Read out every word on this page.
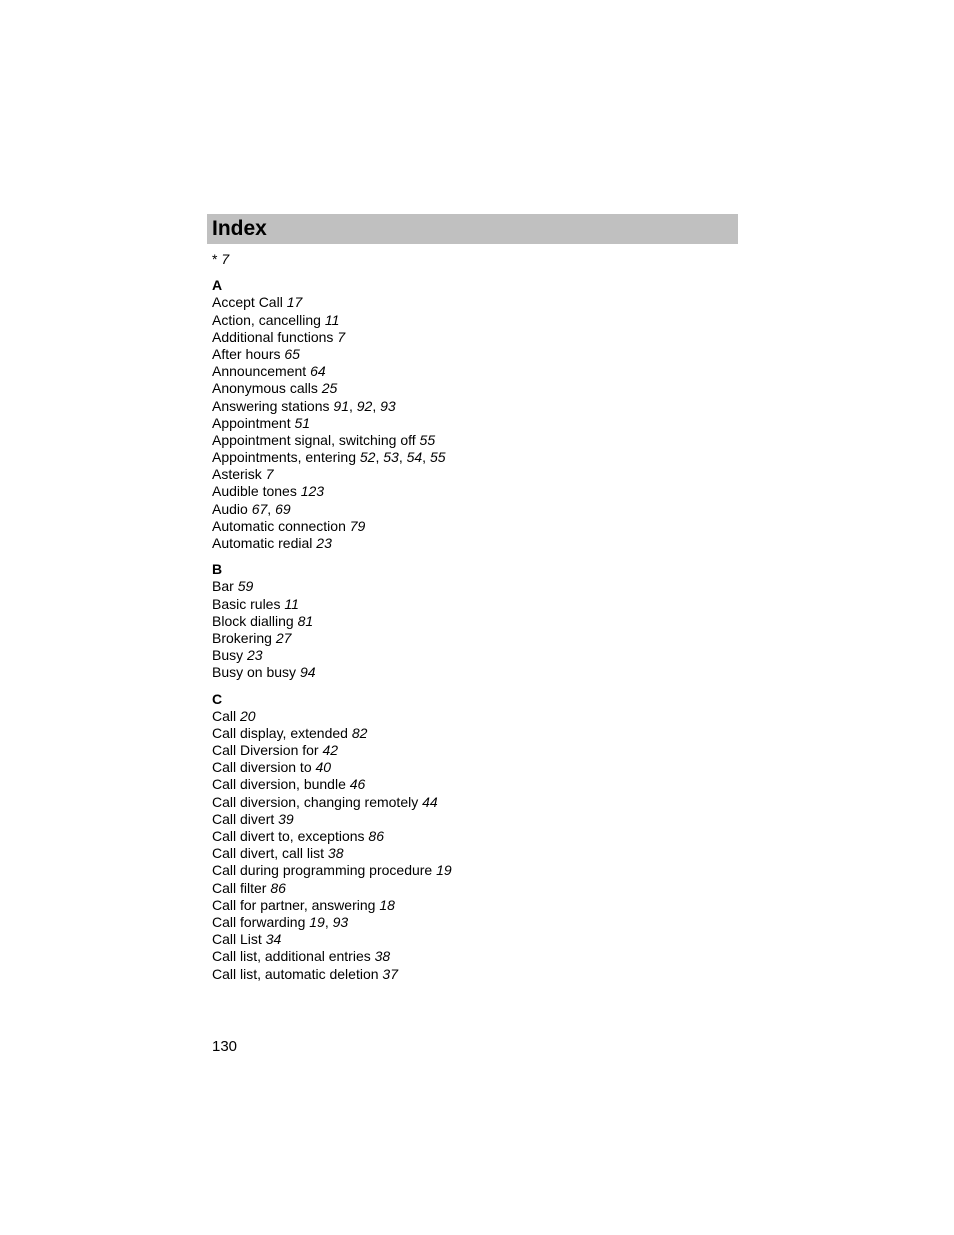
Index
* 7
A
Accept Call 17
Action, cancelling 11
Additional functions 7
After hours 65
Announcement 64
Anonymous calls 25
Answering stations 91, 92, 93
Appointment 51
Appointment signal, switching off 55
Appointments, entering 52, 53, 54, 55
Asterisk 7
Audible tones 123
Audio 67, 69
Automatic connection 79
Automatic redial 23
B
Bar 59
Basic rules 11
Block dialling 81
Brokering 27
Busy 23
Busy on busy 94
C
Call 20
Call display, extended 82
Call Diversion for 42
Call diversion to 40
Call diversion, bundle 46
Call diversion, changing remotely 44
Call divert 39
Call divert to, exceptions 86
Call divert, call list 38
Call during programming procedure 19
Call filter 86
Call for partner, answering 18
Call forwarding 19, 93
Call List 34
Call list, additional entries 38
Call list, automatic deletion 37
130
